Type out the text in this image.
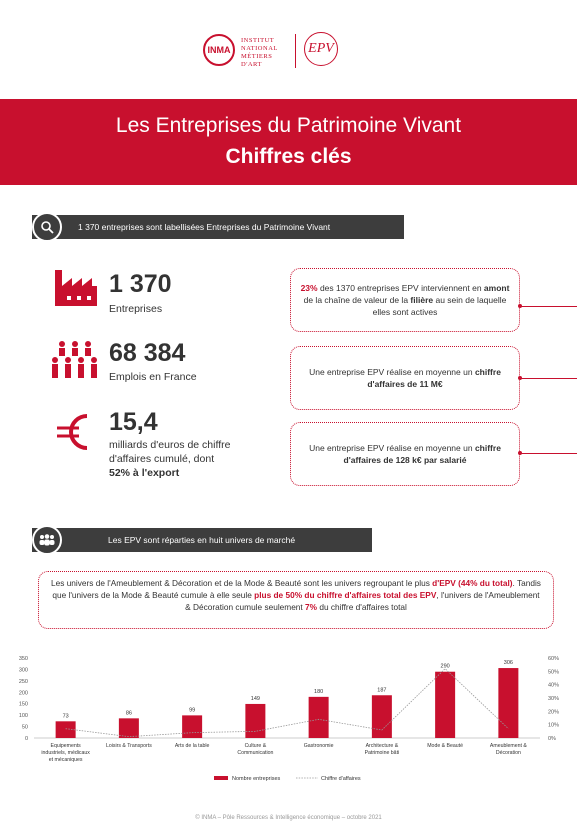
INMA
INSTITUT
NATIONAL
MÉTIERS
D'ART
EPV
Les Entreprises du Patrimoine Vivant
Chiffres clés
1 370 entreprises sont labellisées Entreprises du Patrimoine Vivant
1 370
Entreprises
68 384
Emplois en France
15,4
milliards d'euros de chiffre
d'affaires cumulé, dont
52% à l'export
23% des 1370 entreprises EPV interviennent en amont de la chaîne de valeur de la filière au sein de laquelle elles sont actives
Une entreprise EPV réalise en moyenne un chiffre d'affaires de 11 M€
Une entreprise EPV réalise en moyenne un chiffre d'affaires de 128 k€ par salarié
Les EPV sont réparties en huit univers de marché
Les univers de l'Ameublement & Décoration et de la Mode & Beauté sont les univers regroupant le plus d'EPV (44% du total). Tandis que l'univers de la Mode & Beauté cumule à elle seule plus de 50% du chiffre d'affaires total des EPV, l'univers de l'Ameublement & Décoration cumule seulement 7% du chiffre d'affaires total
0
50
100
150
200
250
300
350
0%
10%
20%
30%
40%
50%
60%
73
Equipements
industriels, médicaux
et mécaniques
86
Loisirs & Transports
99
Arts de la table
149
Culture &
Communication
180
Gastronomie
187
Architecture &
Patrimoine bâti
290
Mode & Beauté
306
Ameublement &
Décoration
Nombre entreprises	Chiffre d'affaires
© INMA – Pôle Ressources & Intelligence économique – octobre 2021
